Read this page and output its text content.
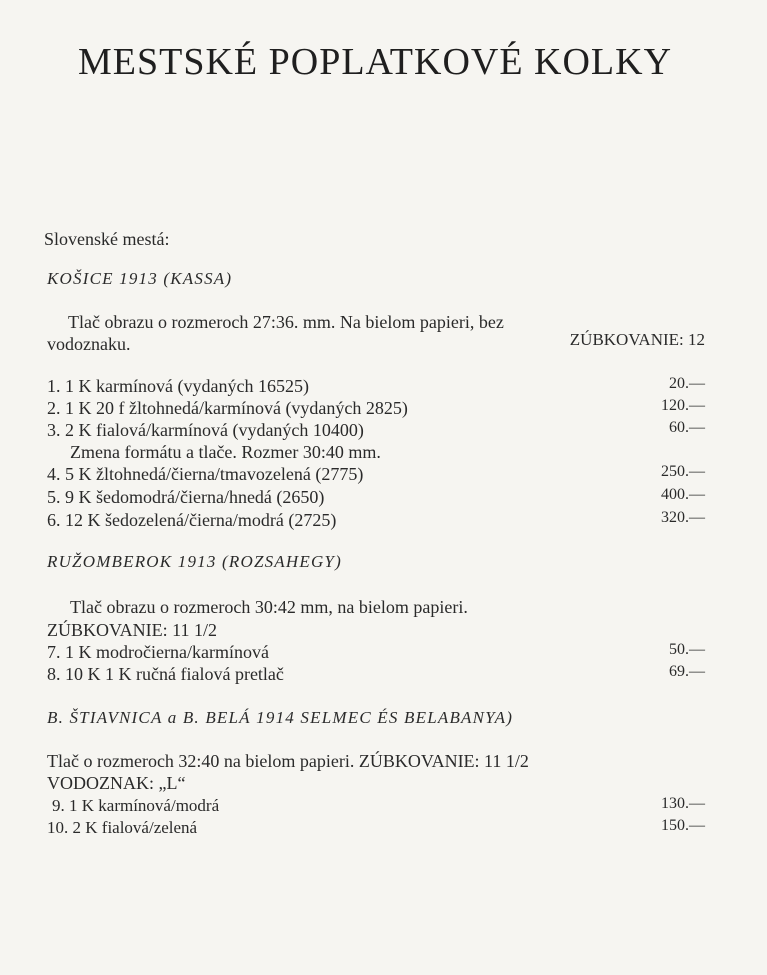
MESTSKÉ POPLATKOVÉ KOLKY
Slovenské mestá:
KOŠICE 1913 (KASSA)
Tlač obrazu o rozmeroch 27:36. mm. Na bielom papieri, bez
vodoznaku.	ZÚBKOVANIE: 12
1. 1 K karmínová (vydaných 16525)	20.—
2. 1 K 20 f žltohnedá/karmínová (vydaných 2825)	120.—
3. 2 K fialová/karmínová (vydaných 10400)	60.—
Zmena formátu a tlače. Rozmer 30:40 mm.
4. 5 K žltohnedá/čierna/tmavozelená (2775)	250.—
5. 9 K šedomodrá/čierna/hnedá (2650)	400.—
6. 12 K šedozelená/čierna/modrá (2725)	320.—
RUŽOMBEROK 1913 (ROZSAHEGY)
Tlač obrazu o rozmeroch 30:42 mm, na bielom papieri.
ZÚBKOVANIE: 11 1/2
7. 1 K modročierna/karmínová	50.—
8. 10 K 1 K ručná fialová pretlač	69.—
B. ŠTIAVNICA a B. BELÁ 1914 SELMEC ÉS BELABANYA)
Tlač o rozmeroch 32:40 na bielom papieri. ZÚBKOVANIE: 11 1/2
VODOZNAK: „L“
9. 1 K karmínová/modrá	130.—
10. 2 K fialová/zelená	150.—
